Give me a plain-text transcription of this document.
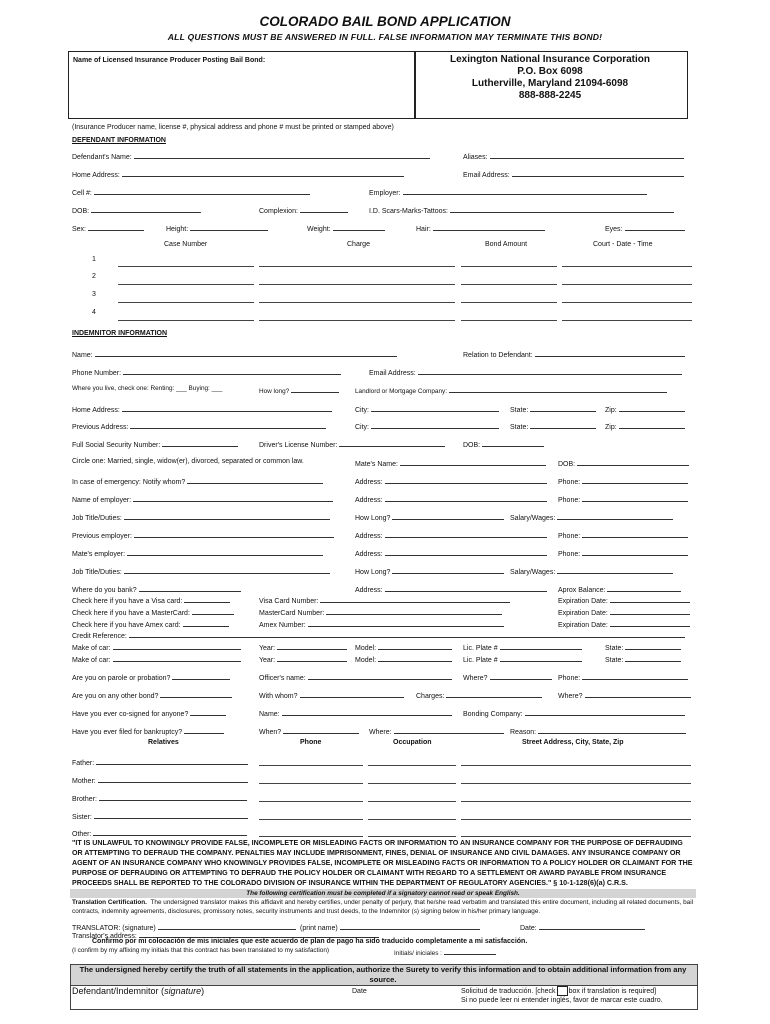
COLORADO BAIL BOND APPLICATION
ALL QUESTIONS MUST BE ANSWERED IN FULL. FALSE INFORMATION MAY TERMINATE THIS BOND!
Name of Licensed Insurance Producer Posting Bail Bond:	Lexington National Insurance Corporation
P.O. Box 6098
Lutherville, Maryland 21094-6098
888-888-2245
(Insurance Producer name, license #, physical address and phone # must be printed or stamped above)
DEFENDANT INFORMATION
Defendant's Name:	Aliases:
Home Address:	Email Address:
Cell #:	Employer:
DOB:	Complexion:	I.D. Scars-Marks-Tattoos:
Sex:	Height:	Weight:	Hair:	Eyes:
Case Number	Charge	Bond Amount	Court - Date - Time
1
2
3
4
INDEMNITOR INFORMATION
Name:	Relation to Defendant:
Phone Number:	Email Address:
Where you live, check one: Renting: ___ Buying: ___	How long?	Landlord or Mortgage Company:
Home Address:	City:	State:	Zip:
Previous Address:	City:	State:	Zip:
Full Social Security Number:	Driver's License Number:	DOB:
Circle one: Married, single, widow(er), divorced, separated or common law.	Mate's Name:	DOB:
In case of emergency: Notify whom?	Address:	Phone:
Name of employer:	Address:	Phone:
Job Title/Duties:	How Long?	Salary/Wages:
Previous employer:	Address:	Phone:
Mate's employer:	Address:	Phone:
Job Title/Duties:	How Long?	Salary/Wages:
Where do you bank?	Address:	Aprox Balance:
Check here if you have a Visa card:	Visa Card Number:	Expiration Date:
Check here if you have a MasterCard:	MasterCard Number:	Expiration Date:
Check here if you have Amex card:	Amex Number:	Expiration Date:
Credit Reference:
Make of car:	Year:	Model:	Lic. Plate #	State:
Make of car:	Year:	Model:	Lic. Plate #	State:
Are you on parole or probation?	Officer's name:	Where?	Phone:
Are you on any other bond?	With whom?	Charges:	Where?
Have you ever co-signed for anyone?	Name:	Bonding Company:
Have you ever filed for bankruptcy?	When?	Where:	Reason:
Relatives	Phone	Occupation	Street Address, City, State, Zip
Father:
Mother:
Brother:
Sister:
Other:
"IT IS UNLAWFUL TO KNOWINGLY PROVIDE FALSE, INCOMPLETE OR MISLEADING FACTS OR INFORMATION TO AN INSURANCE COMPANY FOR THE PURPOSE OF DEFRAUDING OR ATTEMPTING TO DEFRAUD THE COMPANY. PENALTIES MAY INCLUDE IMPRISONMENT, FINES, DENIAL OF INSURANCE AND CIVIL DAMAGES. ANY INSURANCE COMPANY OR AGENT OF AN INSURANCE COMPANY WHO KNOWINGLY PROVIDES FALSE, INCOMPLETE OR MISLEADING FACTS OR INFORMATION TO A POLICY HOLDER OR CLAIMANT FOR THE PURPOSE OF DEFRAUDING OR ATTEMPTING TO DEFRAUD THE POLICY HOLDER OR CLAIMANT WITH REGARD TO A SETTLEMENT OR AWARD PAYABLE FROM INSURANCE PROCEEDS SHALL BE REPORTED TO THE COLORADO DIVISION OF INSURANCE WITHIN THE DEPARTMENT OF REGULATORY AGENCIES." § 10-1-128(6)(a) C.R.S.
The following certification must be completed if a signatory cannot read or speak English.
Translation Certification. The undersigned translator makes this affidavit and hereby certifies, under penalty of perjury, that he/she read verbatim and translated this entire document, including all related documents, bail contracts, indemnity agreements, disclosures, promissory notes, security instruments and trust deeds, to the Indemnitor (s) signing below in his/her primary language.
TRANSLATOR: (signature)	(print name)	Date:
Translator's address:
Confirmo por mi colocación de mis iniciales que este acuerdo de plan de pago ha sido traducido completamente a mi satisfacción.
(I confirm by my affixing my initials that this contract has been translated to my satisfaction)	Initials/ iniciales :
The undersigned hereby certify the truth of all statements in the application, authorize the Surety to verify this information and to obtain additional information from any source.
Defendant/Indemnitor (signature)	Date	Solicitud de traducción. [check box if translation is required]
Si no puede leer ni entender inglés, favor de marcar este cuadro.
